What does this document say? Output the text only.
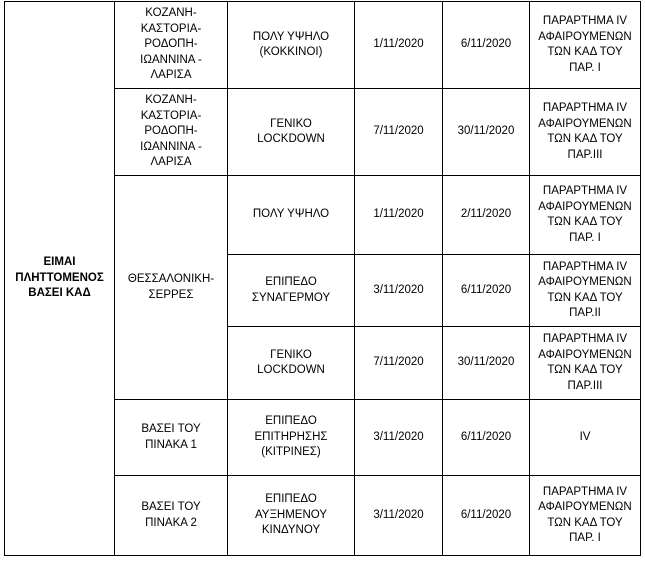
ΕΙΜΑΙ
ΠΛΗΤΤΟΜΕΝΟΣ
ΒΑΣΕΙ ΚΑΔ	ΚΟΖΑΝΗ-
ΚΑΣΤΟΡΙΑ-
ΡΟΔΟΠΗ-
ΙΩΑΝΝΙΝΑ -
ΛΑΡΙΣΑ	ΠΟΛΥ ΥΨΗΛΟ
(ΚΟΚΚΙΝΟΙ)	1/11/2020	6/11/2020	ΠΑΡΑΡΤΗΜΑ IV
ΑΦΑΙΡΟΥΜΕΝΩΝ
ΤΩΝ ΚΑΔ ΤΟΥ
ΠΑΡ. Ι
	ΚΟΖΑΝΗ-
ΚΑΣΤΟΡΙΑ-
ΡΟΔΟΠΗ-
ΙΩΑΝΝΙΝΑ -
ΛΑΡΙΣΑ	ΓΕΝΙΚΟ
LOCKDOWN	7/11/2020	30/11/2020	ΠΑΡΑΡΤΗΜΑ IV
ΑΦΑΙΡΟΥΜΕΝΩΝ
ΤΩΝ ΚΑΔ ΤΟΥ
ΠΑΡ.ΙΙΙ
	ΘΕΣΣΑΛΟΝΙΚΗ-
ΣΕΡΡΕΣ	ΠΟΛΥ ΥΨΗΛΟ	1/11/2020	2/11/2020	ΠΑΡΑΡΤΗΜΑ IV
ΑΦΑΙΡΟΥΜΕΝΩΝ
ΤΩΝ ΚΑΔ ΤΟΥ
ΠΑΡ. Ι
		ΕΠΙΠΕΔΟ
ΣΥΝΑΓΕΡΜΟΥ	3/11/2020	6/11/2020	ΠΑΡΑΡΤΗΜΑ IV
ΑΦΑΙΡΟΥΜΕΝΩΝ
ΤΩΝ ΚΑΔ ΤΟΥ
ΠΑΡ.ΙΙ
		ΓΕΝΙΚΟ
LOCKDOWN	7/11/2020	30/11/2020	ΠΑΡΑΡΤΗΜΑ IV
ΑΦΑΙΡΟΥΜΕΝΩΝ
ΤΩΝ ΚΑΔ ΤΟΥ
ΠΑΡ.ΙΙΙ
	ΒΑΣΕΙ ΤΟΥ
ΠΙΝΑΚΑ 1	ΕΠΙΠΕΔΟ
ΕΠΙΤΗΡΗΣΗΣ
(ΚΙΤΡΙΝΕΣ)	3/11/2020	6/11/2020	IV
	ΒΑΣΕΙ ΤΟΥ
ΠΙΝΑΚΑ 2	ΕΠΙΠΕΔΟ
ΑΥΞΗΜΕΝΟΥ
ΚΙΝΔΥΝΟΥ	3/11/2020	6/11/2020	ΠΑΡΑΡΤΗΜΑ IV
ΑΦΑΙΡΟΥΜΕΝΩΝ
ΤΩΝ ΚΑΔ ΤΟΥ
ΠΑΡ. Ι
